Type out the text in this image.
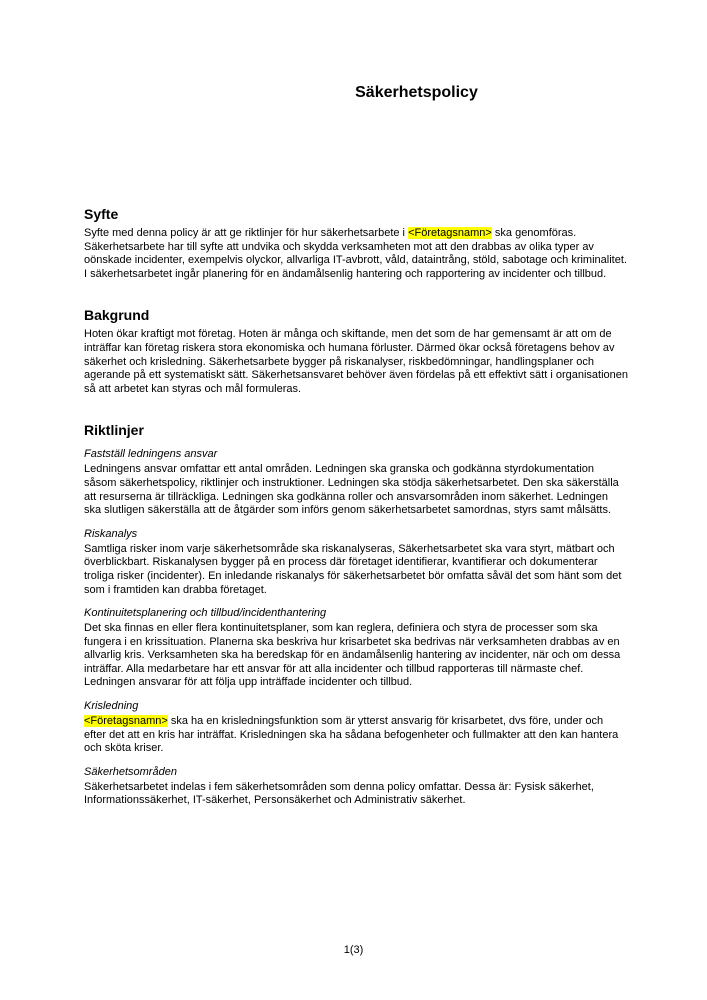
Säkerhetspolicy
Syfte

Syfte med denna policy är att ge riktlinjer för hur säkerhetsarbete i <Företagsnamn> ska genomföras. Säkerhetsarbete har till syfte att undvika och skydda verksamheten mot att den drabbas av olika typer av oönskade incidenter, exempelvis olyckor, allvarliga IT-avbrott, våld, dataintrång, stöld, sabotage och kriminalitet. I säkerhetsarbetet ingår planering för en ändamålsenlig hantering och rapportering av incidenter och tillbud.

Bakgrund

Hoten ökar kraftigt mot företag. Hoten är många och skiftande, men det som de har gemensamt är att om de inträffar kan företag riskera stora ekonomiska och humana förluster. Därmed ökar också företagens behov av säkerhet och krisledning. Säkerhetsarbete bygger på riskanalyser, riskbedömningar, handlingsplaner och agerande på ett systematiskt sätt. Säkerhetsansvaret behöver även fördelas på ett effektivt sätt i organisationen så att arbetet kan styras och mål formuleras.

Riktlinjer
Fastställ ledningens ansvar

Ledningens ansvar omfattar ett antal områden. Ledningen ska granska och godkänna styrdokumentation såsom säkerhetspolicy, riktlinjer och instruktioner. Ledningen ska stödja säkerhetsarbetet. Den ska säkerställa att resurserna är tillräckliga. Ledningen ska godkänna roller och ansvarsområden inom säkerhet. Ledningen ska slutligen säkerställa att de åtgärder som införs genom säkerhetsarbetet samordnas, styrs samt målsätts.

Riskanalys

Samtliga risker inom varje säkerhetsområde ska riskanalyseras, Säkerhetsarbetet ska vara styrt, mätbart och överblickbart. Riskanalysen bygger på en process där företaget identifierar, kvantifierar och dokumenterar troliga risker (incidenter). En inledande riskanalys för säkerhetsarbetet bör omfatta såväl det som hänt som det som i framtiden kan drabba företaget.

Kontinuitetsplanering och tillbud/incidenthantering

Det ska finnas en eller flera kontinuitetsplaner, som kan reglera, definiera och styra de processer som ska fungera i en krissituation. Planerna ska beskriva hur krisarbetet ska bedrivas när verksamheten drabbas av en allvarlig kris. Verksamheten ska ha beredskap för en ändamålsenlig hantering av incidenter, när och om dessa inträffar. Alla medarbetare har ett ansvar för att alla incidenter och tillbud rapporteras till närmaste chef. Ledningen ansvarar för att följa upp inträffade incidenter och tillbud.

Krisledning

<Företagsnamn> ska ha en krisledningsfunktion som är ytterst ansvarig för krisarbetet, dvs före, under och efter det att en kris har inträffat. Krisledningen ska ha sådana befogenheter och fullmakter att den kan hantera och sköta kriser.

Säkerhetsområden

Säkerhetsarbetet indelas i fem säkerhetsområden som denna policy omfattar. Dessa är: Fysisk säkerhet, Informationssäkerhet, IT-säkerhet, Personsäkerhet och Administrativ säkerhet.

1(3)
